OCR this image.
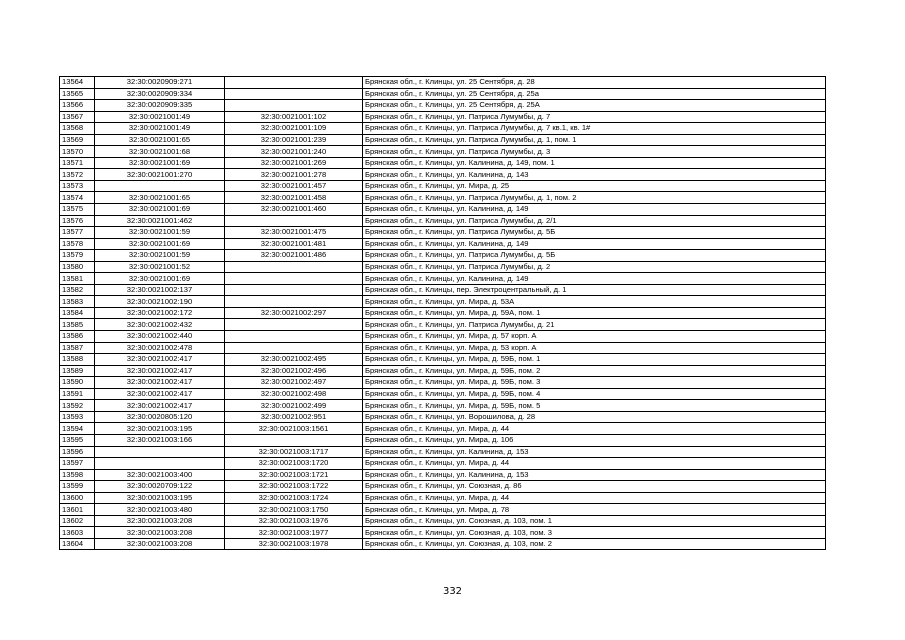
13564	32:30:0020909:271		Брянская обл., г. Клинцы, ул. 25 Сентября, д. 28
13565	32:30:0020909:334		Брянская обл., г. Клинцы, ул. 25 Сентября, д. 25а
13566	32:30:0020909:335		Брянская обл., г. Клинцы, ул. 25 Сентября, д. 25А
13567	32:30:0021001:49	32:30:0021001:102	Брянская обл., г. Клинцы, ул. Патриса Лумумбы, д. 7
13568	32:30:0021001:49	32:30:0021001:109	Брянская обл., г. Клинцы, ул. Патриса Лумумбы, д. 7 кв.1, кв. 1#
13569	32:30:0021001:65	32:30:0021001:239	Брянская обл., г. Клинцы, ул. Патриса Лумумбы, д. 1, пом. 1
13570	32:30:0021001:68	32:30:0021001:240	Брянская обл., г. Клинцы, ул. Патриса Лумумбы, д. 3
13571	32:30:0021001:69	32:30:0021001:269	Брянская обл., г. Клинцы, ул. Калинина, д. 149, пом. 1
13572	32:30:0021001:270	32:30:0021001:278	Брянская обл., г. Клинцы, ул. Калинина, д. 143
13573		32:30:0021001:457	Брянская обл., г. Клинцы, ул. Мира, д. 25
13574	32:30:0021001:65	32:30:0021001:458	Брянская обл., г. Клинцы, ул. Патриса Лумумбы, д. 1, пом. 2
13575	32:30:0021001:69	32:30:0021001:460	Брянская обл., г. Клинцы, ул. Калинина, д. 149
13576	32:30:0021001:462		Брянская обл., г. Клинцы, ул. Патриса Лумумбы, д. 2/1
13577	32:30:0021001:59	32:30:0021001:475	Брянская обл., г. Клинцы, ул. Патриса Лумумбы, д. 5Б
13578	32:30:0021001:69	32:30:0021001:481	Брянская обл., г. Клинцы, ул. Калинина, д. 149
13579	32:30:0021001:59	32:30:0021001:486	Брянская обл., г. Клинцы, ул. Патриса Лумумбы, д. 5Б
13580	32:30:0021001:52		Брянская обл., г. Клинцы, ул. Патриса Лумумбы, д. 2
13581	32:30:0021001:69		Брянская обл., г. Клинцы, ул. Калинина, д. 149
13582	32:30:0021002:137		Брянская обл., г. Клинцы, пер. Электроцентральный, д. 1
13583	32:30:0021002:190		Брянская обл., г. Клинцы, ул. Мира, д. 53А
13584	32:30:0021002:172	32:30:0021002:297	Брянская обл., г. Клинцы, ул. Мира, д. 59А, пом. 1
13585	32:30:0021002:432		Брянская обл., г. Клинцы, ул. Патриса Лумумбы, д. 21
13586	32:30:0021002:440		Брянская обл., г. Клинцы, ул. Мира, д. 57 корп. А
13587	32:30:0021002:478		Брянская обл., г. Клинцы, ул. Мира, д. 53 корп. А
13588	32:30:0021002:417	32:30:0021002:495	Брянская обл., г. Клинцы, ул. Мира, д. 59Б, пом. 1
13589	32:30:0021002:417	32:30:0021002:496	Брянская обл., г. Клинцы, ул. Мира, д. 59Б, пом. 2
13590	32:30:0021002:417	32:30:0021002:497	Брянская обл., г. Клинцы, ул. Мира, д. 59Б, пом. 3
13591	32:30:0021002:417	32:30:0021002:498	Брянская обл., г. Клинцы, ул. Мира, д. 59Б, пом. 4
13592	32:30:0021002:417	32:30:0021002:499	Брянская обл., г. Клинцы, ул. Мира, д. 59Б, пом. 5
13593	32:30:0020805:120	32:30:0021002:951	Брянская обл., г. Клинцы, ул. Ворошилова, д. 28
13594	32:30:0021003:195	32:30:0021003:1561	Брянская обл., г. Клинцы, ул. Мира, д. 44
13595	32:30:0021003:166		Брянская обл., г. Клинцы, ул. Мира, д. 106
13596		32:30:0021003:1717	Брянская обл., г. Клинцы, ул. Калинина, д. 153
13597		32:30:0021003:1720	Брянская обл., г. Клинцы, ул. Мира, д. 44
13598	32:30:0021003:400	32:30:0021003:1721	Брянская обл., г. Клинцы, ул. Калинина, д. 153
13599	32:30:0020709:122	32:30:0021003:1722	Брянская обл., г. Клинцы, ул. Союзная, д. 86
13600	32:30:0021003:195	32:30:0021003:1724	Брянская обл., г. Клинцы, ул. Мира, д. 44
13601	32:30:0021003:480	32:30:0021003:1750	Брянская обл., г. Клинцы, ул. Мира, д. 78
13602	32:30:0021003:208	32:30:0021003:1976	Брянская обл., г. Клинцы, ул. Союзная, д. 103, пом. 1
13603	32:30:0021003:208	32:30:0021003:1977	Брянская обл., г. Клинцы, ул. Союзная, д. 103, пом. 3
13604	32:30:0021003:208	32:30:0021003:1978	Брянская обл., г. Клинцы, ул. Союзная, д. 103, пом. 2
332
